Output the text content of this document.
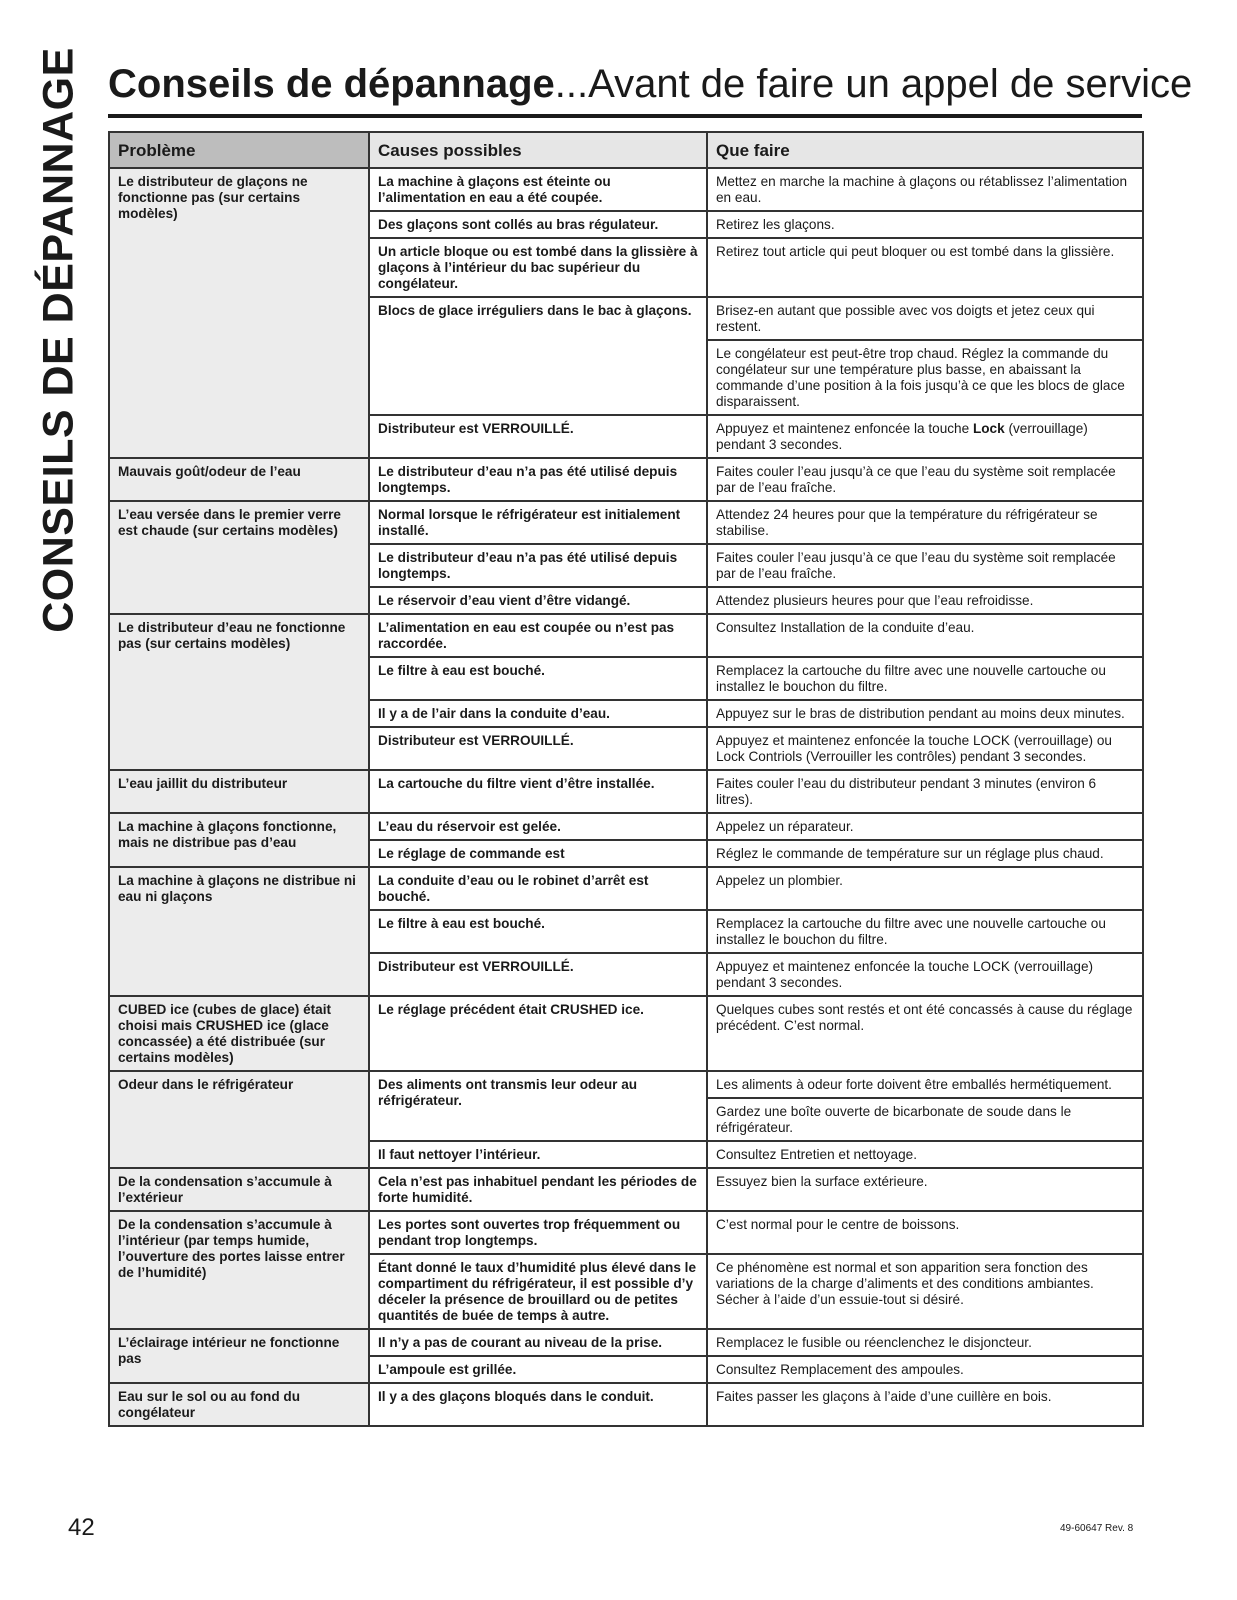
CONSEILS DE DÉPANNAGE Conseils de dépannage...Avant de faire un appel de service
Problème	Causes possibles	Que faire
Le distributeur de glaçons ne fonctionne pas (sur certains modèles)	La machine à glaçons est éteinte ou l’alimentation en eau a été coupée.	Mettez en marche la machine à glaçons ou rétablissez l’alimentation en eau.
	Des glaçons sont collés au bras régulateur.	Retirez les glaçons.
	Un article bloque ou est tombé dans la glissière à glaçons à l’intérieur du bac supérieur du congélateur.	Retirez tout article qui peut bloquer ou est tombé dans la glissière.
	Blocs de glace irréguliers dans le bac à glaçons.	Brisez-en autant que possible avec vos doigts et jetez ceux qui restent.
		Le congélateur est peut-être trop chaud. Réglez la commande du congélateur sur une température plus basse, en abaissant la commande d’une position à la fois jusqu’à ce que les blocs de glace disparaissent.
	Distributeur est VERROUILLÉ.	Appuyez et maintenez enfoncée la touche Lock (verrouillage) pendant 3 secondes.
Mauvais goût/odeur de l’eau	Le distributeur d’eau n’a pas été utilisé depuis longtemps.	Faites couler l’eau jusqu’à ce que l’eau du système soit remplacée par de l’eau fraîche.
L’eau versée dans le premier verre est chaude (sur certains modèles)	Normal lorsque le réfrigérateur est initialement installé.	Attendez 24 heures pour que la température du réfrigérateur se stabilise.
	Le distributeur d’eau n’a pas été utilisé depuis longtemps.	Faites couler l’eau jusqu’à ce que l’eau du système soit remplacée par de l’eau fraîche.
	Le réservoir d’eau vient d’être vidangé.	Attendez plusieurs heures pour que l’eau refroidisse.
Le distributeur d’eau ne fonctionne pas (sur certains modèles)	L’alimentation en eau est coupée ou n’est pas raccordée.	Consultez Installation de la conduite d’eau.
	Le filtre à eau est bouché.	Remplacez la cartouche du filtre avec une nouvelle cartouche ou installez le bouchon du filtre.
	Il y a de l’air dans la conduite d’eau.	Appuyez sur le bras de distribution pendant au moins deux minutes.
	Distributeur est VERROUILLÉ.	Appuyez et maintenez enfoncée la touche LOCK (verrouillage) ou Lock Contriols (Verrouiller les contrôles) pendant 3 secondes.
L’eau jaillit du distributeur	La cartouche du filtre vient d’être installée.	Faites couler l’eau du distributeur pendant 3 minutes (environ 6 litres).
La machine à glaçons fonctionne, mais ne distribue pas d’eau	L’eau du réservoir est gelée.	Appelez un réparateur.
	Le réglage de commande est	Réglez le commande de température sur un réglage plus chaud.
La machine à glaçons ne distribue ni eau ni glaçons	La conduite d’eau ou le robinet d’arrêt est bouché.	Appelez un plombier.
	Le filtre à eau est bouché.	Remplacez la cartouche du filtre avec une nouvelle cartouche ou installez le bouchon du filtre.
	Distributeur est VERROUILLÉ.	Appuyez et maintenez enfoncée la touche LOCK (verrouillage) pendant 3 secondes.
CUBED ice (cubes de glace) était choisi mais CRUSHED ice (glace concassée) a été distribuée (sur certains modèles)	Le réglage précédent était CRUSHED ice.	Quelques cubes sont restés et ont été concassés à cause du réglage précédent. C’est normal.
Odeur dans le réfrigérateur	Des aliments ont transmis leur odeur au réfrigérateur.	Les aliments à odeur forte doivent être emballés hermétiquement.
		Gardez une boîte ouverte de bicarbonate de soude dans le réfrigérateur.
	Il faut nettoyer l’intérieur.	Consultez Entretien et nettoyage.
De la condensation s’accumule à l’extérieur	Cela n’est pas inhabituel pendant les périodes de forte humidité.	Essuyez bien la surface extérieure.
De la condensation s’accumule à l’intérieur (par temps humide, l’ouverture des portes laisse entrer de l’humidité)	Les portes sont ouvertes trop fréquemment ou pendant trop longtemps.	C’est normal pour le centre de boissons.
	Étant donné le taux d’humidité plus élevé dans le compartiment du réfrigérateur, il est possible d’y déceler la présence de brouillard ou de petites quantités de buée de temps à autre.	Ce phénomène est normal et son apparition sera fonction des variations de la charge d’aliments et des conditions ambiantes. Sécher à l’aide d’un essuie-tout si désiré.
L’éclairage intérieur ne fonctionne pas	Il n’y a pas de courant au niveau de la prise.	Remplacez le fusible ou réenclenchez le disjoncteur.
	L’ampoule est grillée.	Consultez Remplacement des ampoules.
Eau sur le sol ou au fond du congélateur	Il y a des glaçons bloqués dans le conduit.	Faites passer les glaçons à l’aide d’une cuillère en bois.
42	49-60647 Rev. 8
